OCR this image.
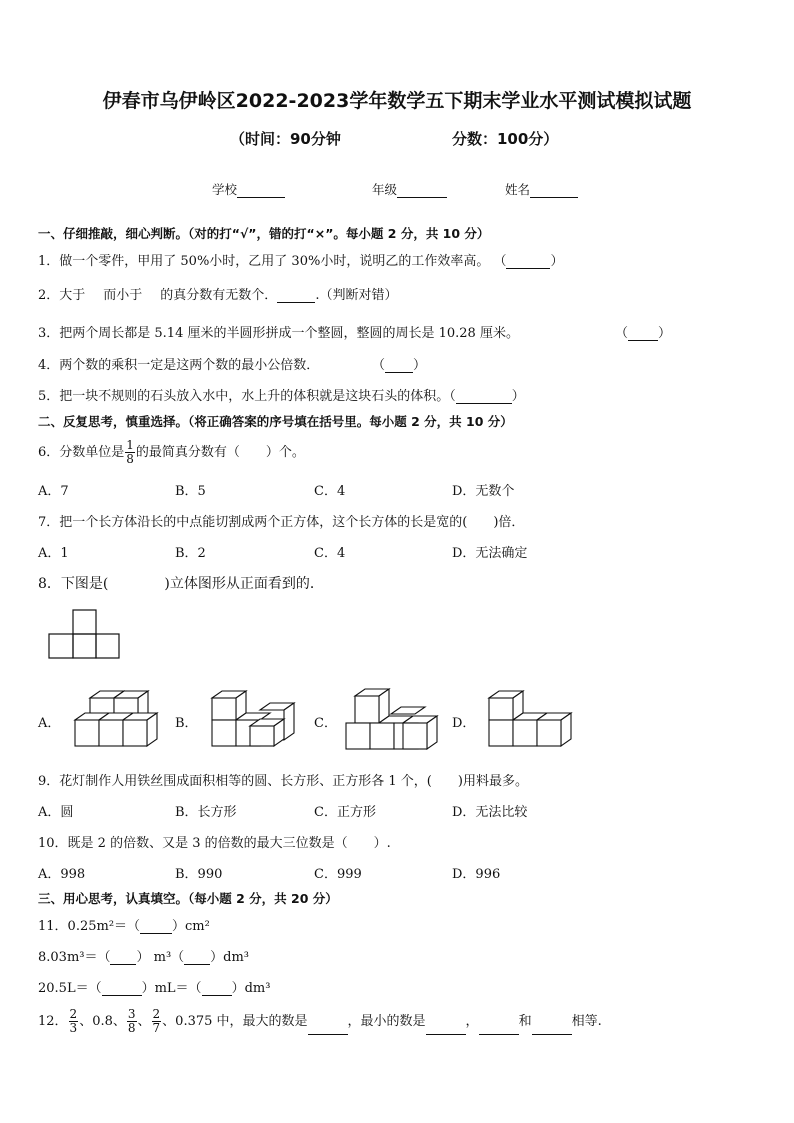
伊春市乌伊岭区2022-2023学年数学五下期末学业水平测试模拟试题
（时间：90分钟	分数：100分）
学校	年级	姓名
一、仔细推敲，细心判断。（对的打“√”，错的打“×”。每小题 2 分，共 10 分）
1．做一个零件，甲用了 50%小时，乙用了 30%小时，说明乙的工作效率高。 （	）
2．大于 而小于 的真分数有无数个．	.（判断对错）
3．把两个周长都是 5.14 厘米的半圆形拼成一个整圆，整圆的周长是 10.28 厘米。	（ ）
4．两个数的乘积一定是这两个数的最小公倍数．	（ ）
5．把一块不规则的石头放入水中，水上升的体积就是这块石头的体积。（	）
二、反复思考，慎重选择。（将正确答案的序号填在括号里。每小题 2 分，共 10 分）
6．分数单位是 $\frac{1}{8}$ 的最简真分数有（　　）个。
A．7	B．5	C．4	D．无数个
7．把一个长方体沿长的中点能切割成两个正方体，这个长方体的长是宽的(　　)倍．
A．1	B．2	C．4	D．无法确定
8．下图是(　　　　)立体图形从正面看到的．
A．	B．	C．	D．
9．花灯制作人用铁丝围成面积相等的圆、长方形、正方形各 1 个，(　　)用料最多。
A．圆	B．长方形	C．正方形	D．无法比较
10．既是 2 的倍数、又是 3 的倍数的最大三位数是（　　）.
A．998	B．990	C．999	D．996
三、用心思考，认真填空。（每小题 2 分，共 20 分）
11．0.25m²＝（ ）cm²
8.03m³＝（ ） m³（ ）dm³
20.5L＝（	）mL＝（ ）dm³
12． $\frac{2}{3}$ 、0.8、 $\frac{3}{8}$ 、 $\frac{2}{7}$ 、0.375 中，最大的数是	，最小的数是	，	和	相等.
